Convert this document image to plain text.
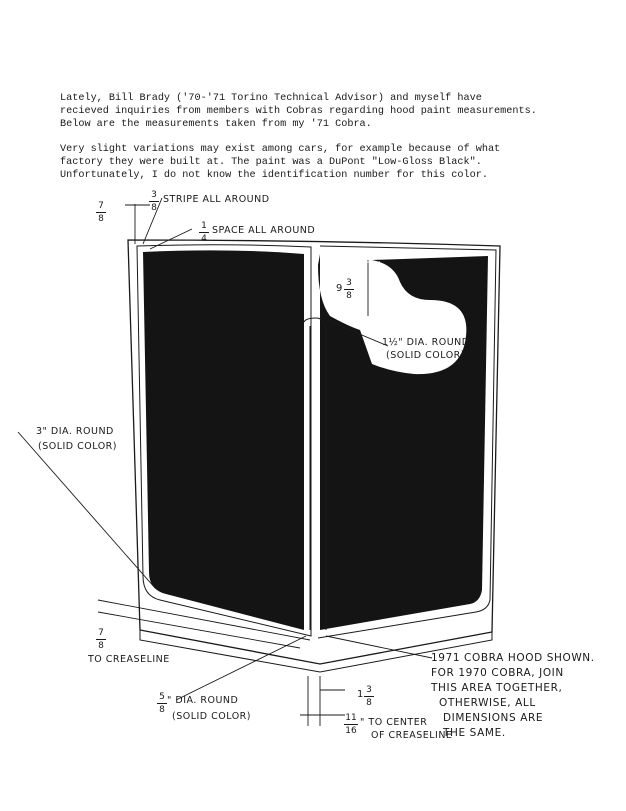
Lately, Bill Brady ('70-'71 Torino Technical Advisor) and myself have
recieved inquiries from members with Cobras regarding hood paint measurements.
Below are the measurements taken from my '71 Cobra.

Very slight variations may exist among cars, for example because of what
factory they were built at. The paint was a DuPont "Low-Gloss Black".
Unfortunately, I do not know the identification number for this color.

3
8
STRIPE ALL AROUND
1
4
SPACE ALL AROUND
7
8
9 3
8
1½" DIA. ROUND
(SOLID COLOR)
3" DIA. ROUND
(SOLID COLOR)
7
8
TO CREASELINE
5
8
" DIA. ROUND
(SOLID COLOR)
1 3
8
11
16
" TO CENTER
OF CREASELINE
1971 COBRA HOOD SHOWN.
FOR 1970 COBRA, JOIN
THIS AREA TOGETHER,
OTHERWISE, ALL
DIMENSIONS ARE
THE SAME.
